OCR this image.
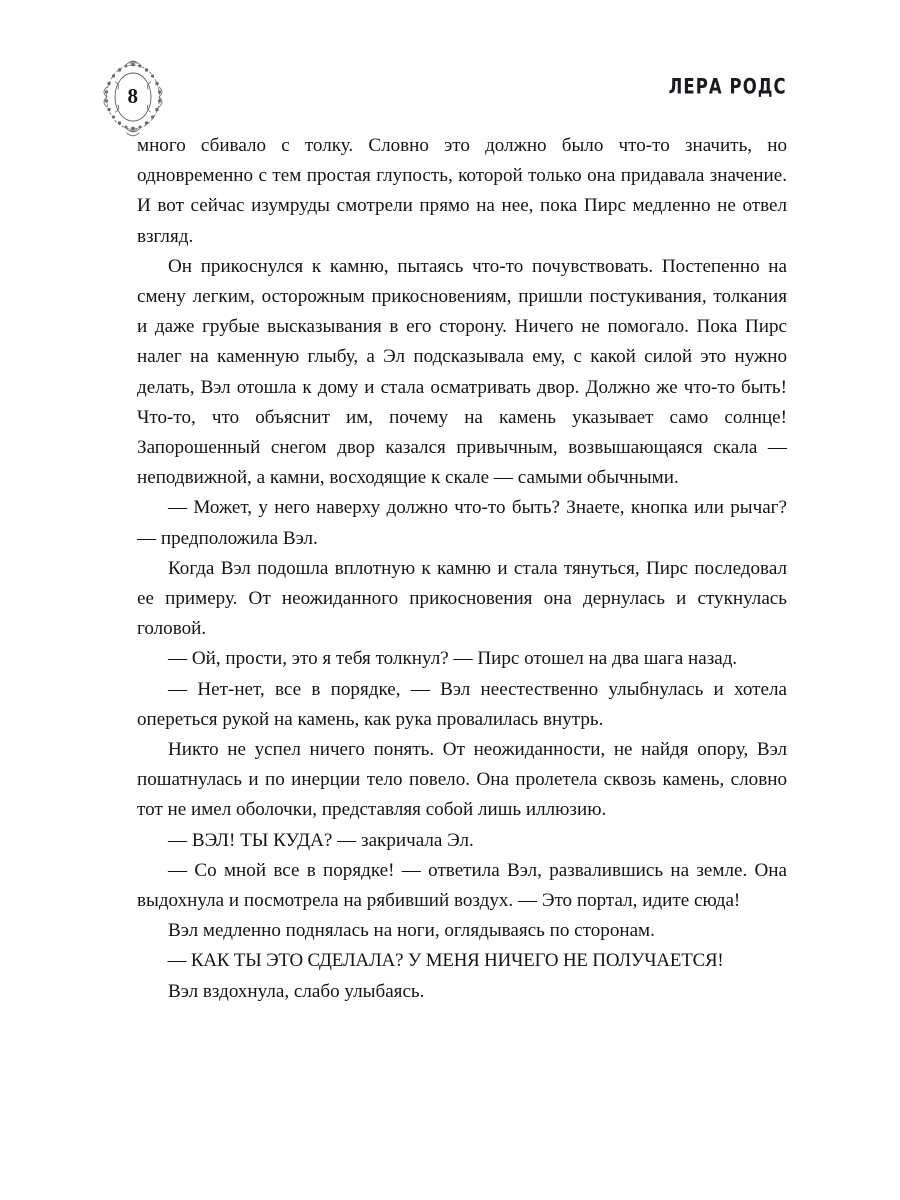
8	ЛЕРА РОДС

много сбивало с толку. Словно это должно было что-то значить, но одновременно с тем простая глупость, которой только она придавала значение. И вот сейчас изумруды смотрели прямо на нее, пока Пирс медленно не отвел взгляд.

Он прикоснулся к камню, пытаясь что-то почувствовать. Постепенно на смену легким, осторожным прикосновениям, пришли постукивания, толкания и даже грубые высказывания в его сторону. Ничего не помогало. Пока Пирс налег на каменную глыбу, а Эл подсказывала ему, с какой силой это нужно делать, Вэл отошла к дому и стала осматривать двор. Должно же что-то быть! Что-то, что объяснит им, почему на камень указывает само солнце! Запорошенный снегом двор казался привычным, возвышающаяся скала — неподвижной, а камни, восходящие к скале — самыми обычными.

— Может, у него наверху должно что-то быть? Знаете, кнопка или рычаг? — предположила Вэл.

Когда Вэл подошла вплотную к камню и стала тянуться, Пирс последовал ее примеру. От неожиданного прикосновения она дернулась и стукнулась головой.

— Ой, прости, это я тебя толкнул? — Пирс отошел на два шага назад.

— Нет-нет, все в порядке, — Вэл неестественно улыбнулась и хотела опереться рукой на камень, как рука провалилась внутрь.

Никто не успел ничего понять. От неожиданности, не найдя опору, Вэл пошатнулась и по инерции тело повело. Она пролетела сквозь камень, словно тот не имел оболочки, представляя собой лишь иллюзию.

— ВЭЛ! ТЫ КУДА? — закричала Эл.

— Со мной все в порядке! — ответила Вэл, развалившись на земле. Она выдохнула и посмотрела на рябивший воздух. — Это портал, идите сюда!

Вэл медленно поднялась на ноги, оглядываясь по сторонам.

— КАК ТЫ ЭТО СДЕЛАЛА? У МЕНЯ НИЧЕГО НЕ ПОЛУЧАЕТСЯ!

Вэл вздохнула, слабо улыбаясь.
